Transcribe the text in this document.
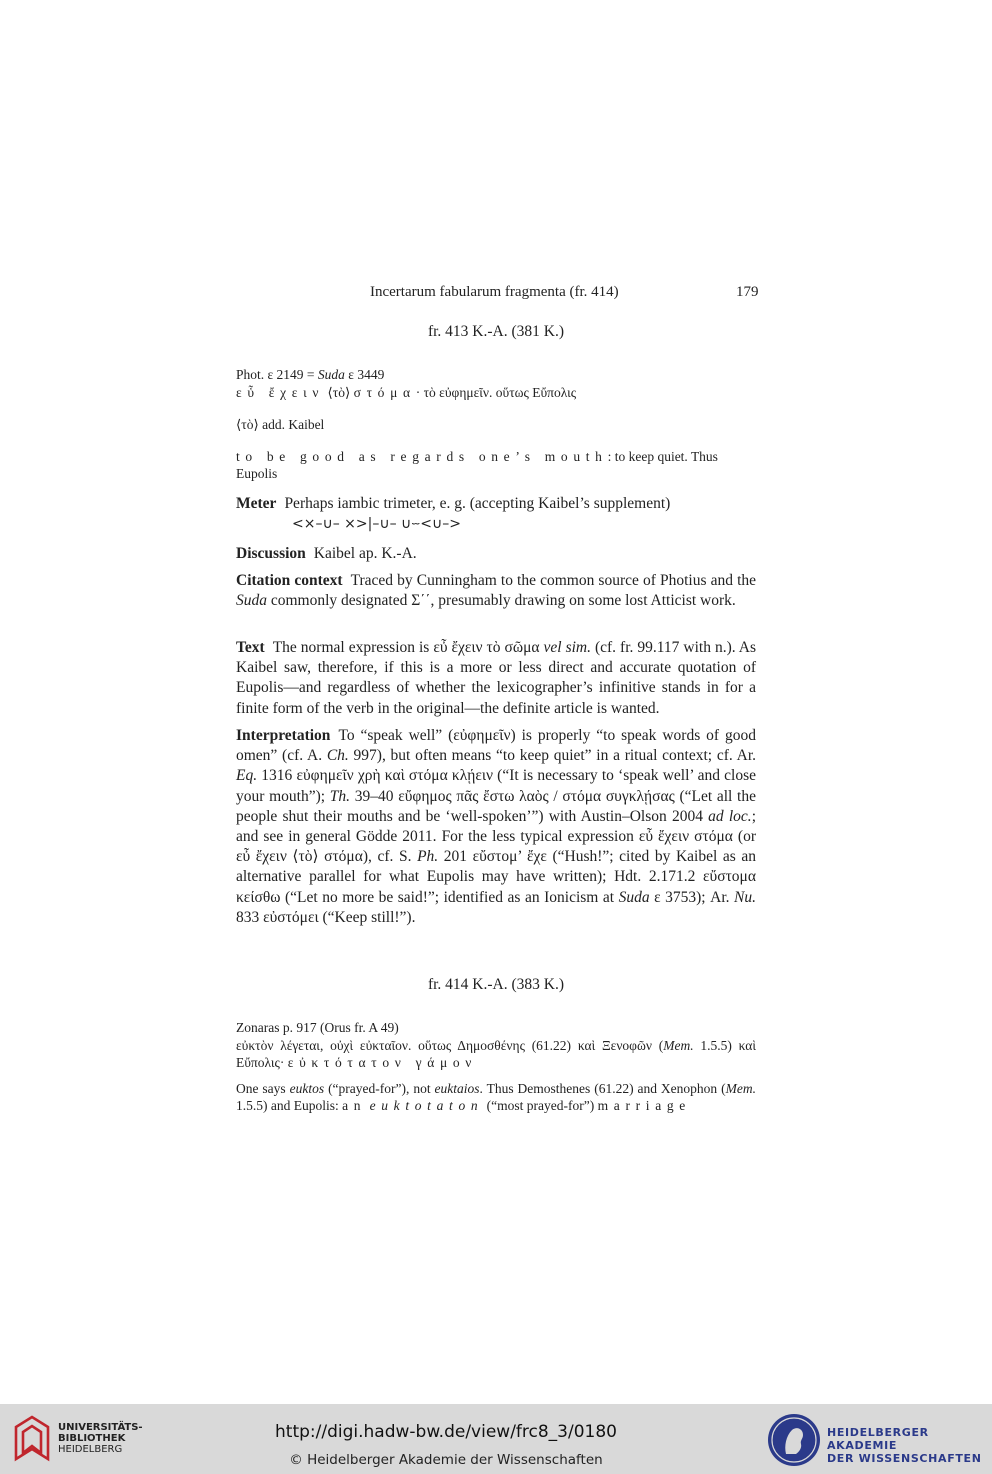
Incertarum fabularum fragmenta (fr. 414)	179
fr. 413 K.-A. (381 K.)
Phot. ε 2149 = Suda ε 3449
εὖ ἔχειν ⟨τὸ⟩ στόμα· τὸ εὐφημεῖν. οὕτως Εὔπολις
⟨τὸ⟩ add. Kaibel
to be good as regards one’s mouth: to keep quiet. Thus Eupolis

Meter Perhaps iambic trimeter, e. g. (accepting Kaibel’s supplement)

<×–∪– ×>|–∪– ∪⏖<∪–>

Discussion Kaibel ap. K.-A.
Citation context Traced by Cunningham to the common source of Photius and the Suda commonly designated Σ΄΄, presumably drawing on some lost Atticist work.
Text The normal expression is εὖ ἔχειν τὸ σῶμα vel sim. (cf. fr. 99.117 with n.). As Kaibel saw, therefore, if this is a more or less direct and accurate quotation of Eupolis—and regardless of whether the lexicographer’s infinitive stands in for a finite form of the verb in the original—the definite article is wanted.
Interpretation To “speak well” (εὐφημεῖν) is properly “to speak words of good omen” (cf. A. Ch. 997), but often means “to keep quiet” in a ritual context; cf. Ar. Eq. 1316 εὐφημεῖν χρὴ καὶ στόμα κλῄειν (“It is necessary to ‘speak well’ and close your mouth”); Th. 39–40 εὔφημος πᾶς ἔστω λαὸς / στόμα συγκλῄσας (“Let all the people shut their mouths and be ‘well-spoken’”) with Austin–Olson 2004 ad loc.; and see in general Gödde 2011. For the less typical expression εὖ ἔχειν στόμα (or εὖ ἔχειν ⟨τὸ⟩ στόμα), cf. S. Ph. 201 εὔστομ’ ἔχε (“Hush!”; cited by Kaibel as an alternative parallel for what Eupolis may have written); Hdt. 2.171.2 εὔστομα κείσθω (“Let no more be said!”; identified as an Ionicism at Suda ε 3753); Ar. Nu. 833 εὐστόμει (“Keep still!”).
fr. 414 K.-A. (383 K.)
Zonaras p. 917 (Orus fr. A 49)
εὐκτὸν λέγεται, οὐχὶ εὐκταῖον. οὕτως Δημοσθένης (61.22) καὶ Ξενοφῶν (Mem. 1.5.5) καὶ Εὔπολις· εὐκτότατον γάμον
One says euktos (“prayed-for”), not euktaios. Thus Demosthenes (61.22) and Xenophon (Mem. 1.5.5) and Eupolis: an euktotaton (“most prayed-for”) marriage
UNIVERSITÄTS-
BIBLIOTHEK
HEIDELBERG
http://digi.hadw-bw.de/view/frc8_3/0180
© Heidelberger Akademie der Wissenschaften
HEIDELBERGER AKADEMIE
DER WISSENSCHAFTEN
